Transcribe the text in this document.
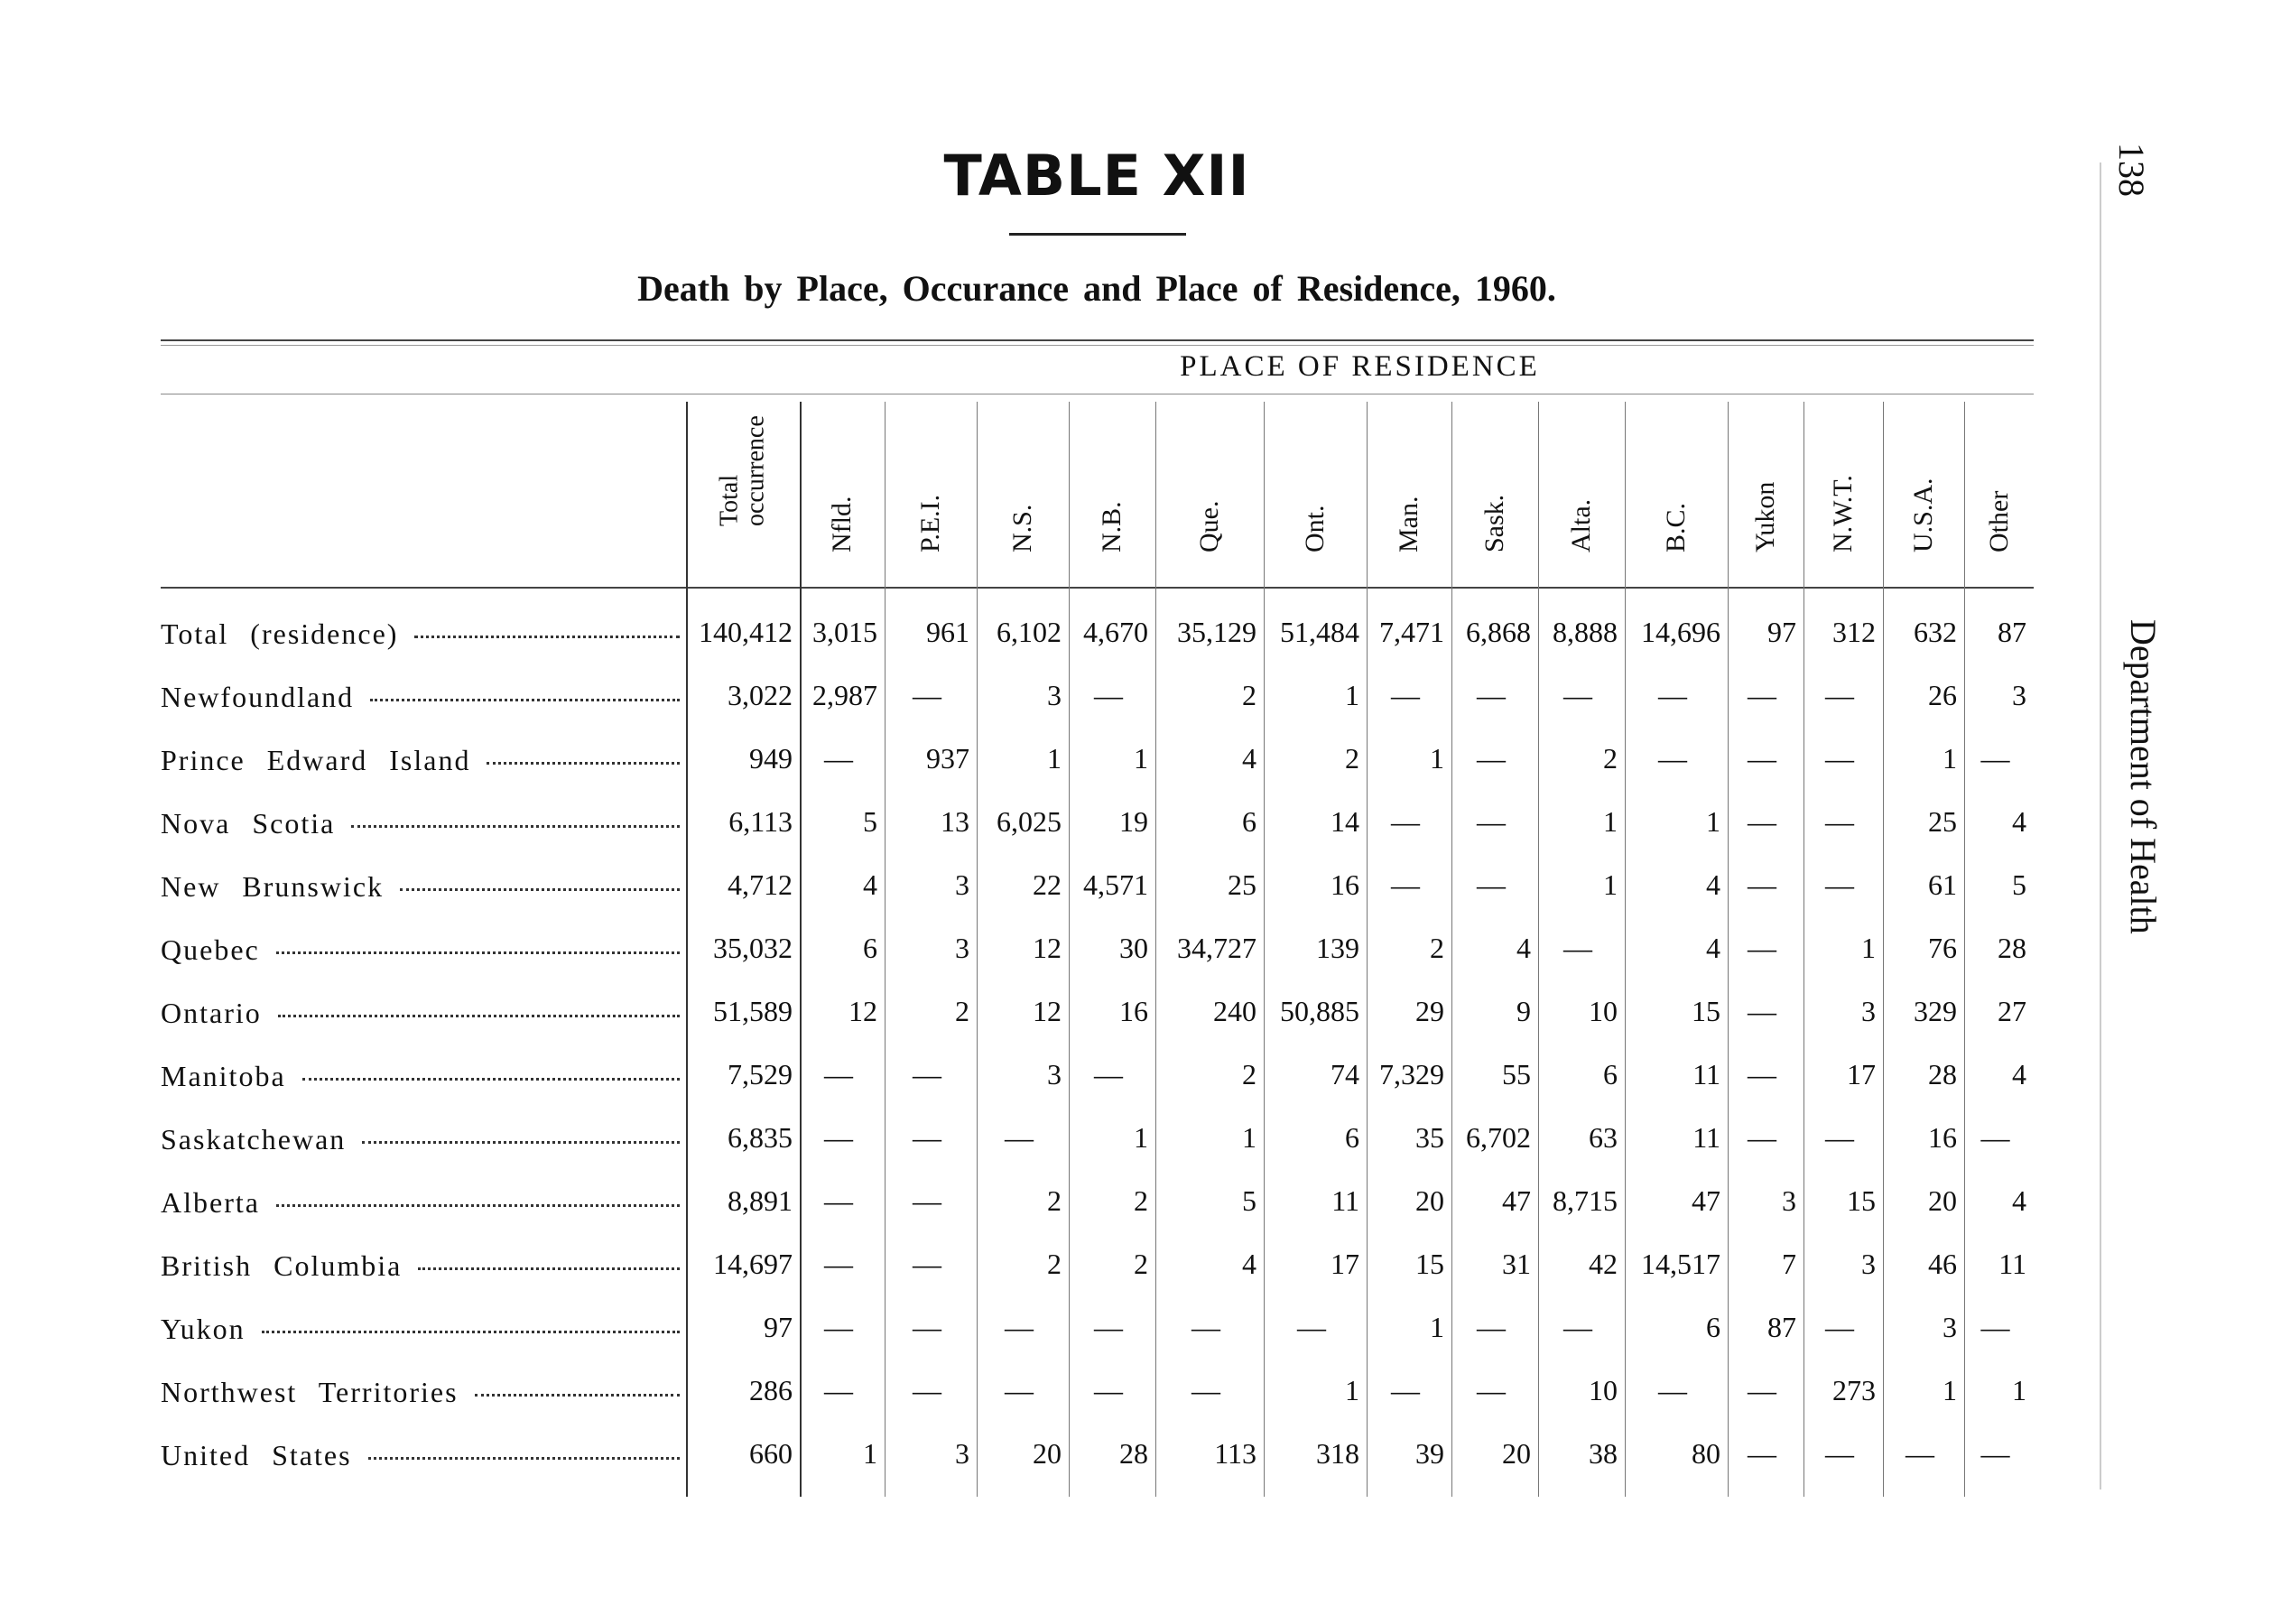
138
Department of Health
TABLE XII
Death by Place, Occurance and Place of Residence, 1960.
PLACE OF RESIDENCE
Total
occurrence Nfld. P.E.I. N.S. N.B.	Que.	Ont. Man. Sask. Alta. B.C. Yukon N.W.T. U.S.A. Other
Total (residence)	140,412 3,015	961 6,102 4,670	35,129 51,484 7,471 6,868 8,888 14,696	97	312	632	87
Newfoundland	3,022 2,987	—	3	—	2	1	—	—	—	—	—	—	26	3
Prince Edward Island	949	—	937	1	1	4	2	1	—	2	—	—	—	1 —
Nova Scotia	6,113	5	13 6,025	19	6	14	—	—	1	1 —	—	25	4
New Brunswick	4,712	4	3	22 4,571	25	16	—	—	1	4 —	—	61	5
Quebec	35,032	6	3	12	30	34,727	139	2	4	—	4 —	1	76	28
Ontario	51,589	12	2	12	16	240 50,885	29	9	10	15 —	3	329	27
Manitoba	7,529	—	—	3	—	2	74 7,329	55	6	11 —	17	28	4
Saskatchewan	6,835	—	—	—	1	1	6	35 6,702	63	11 —	—	16 —
Alberta	8,891	—	—	2	2	5	11	20	47 8,715	47	3	15	20	4
British Columbia	14,697	—	—	2	2	4	17	15	31	42 14,517	7	3	46	11
Yukon	97	—	—	—	—	—	—	1	—	—	6	87	—	3 —
Northwest Territories	286	—	—	—	—	—	1	—	—	10	—	—	273	1	1
United States	660	1	3	20	28	113	318	39	20	38	80 —	—	—	—
